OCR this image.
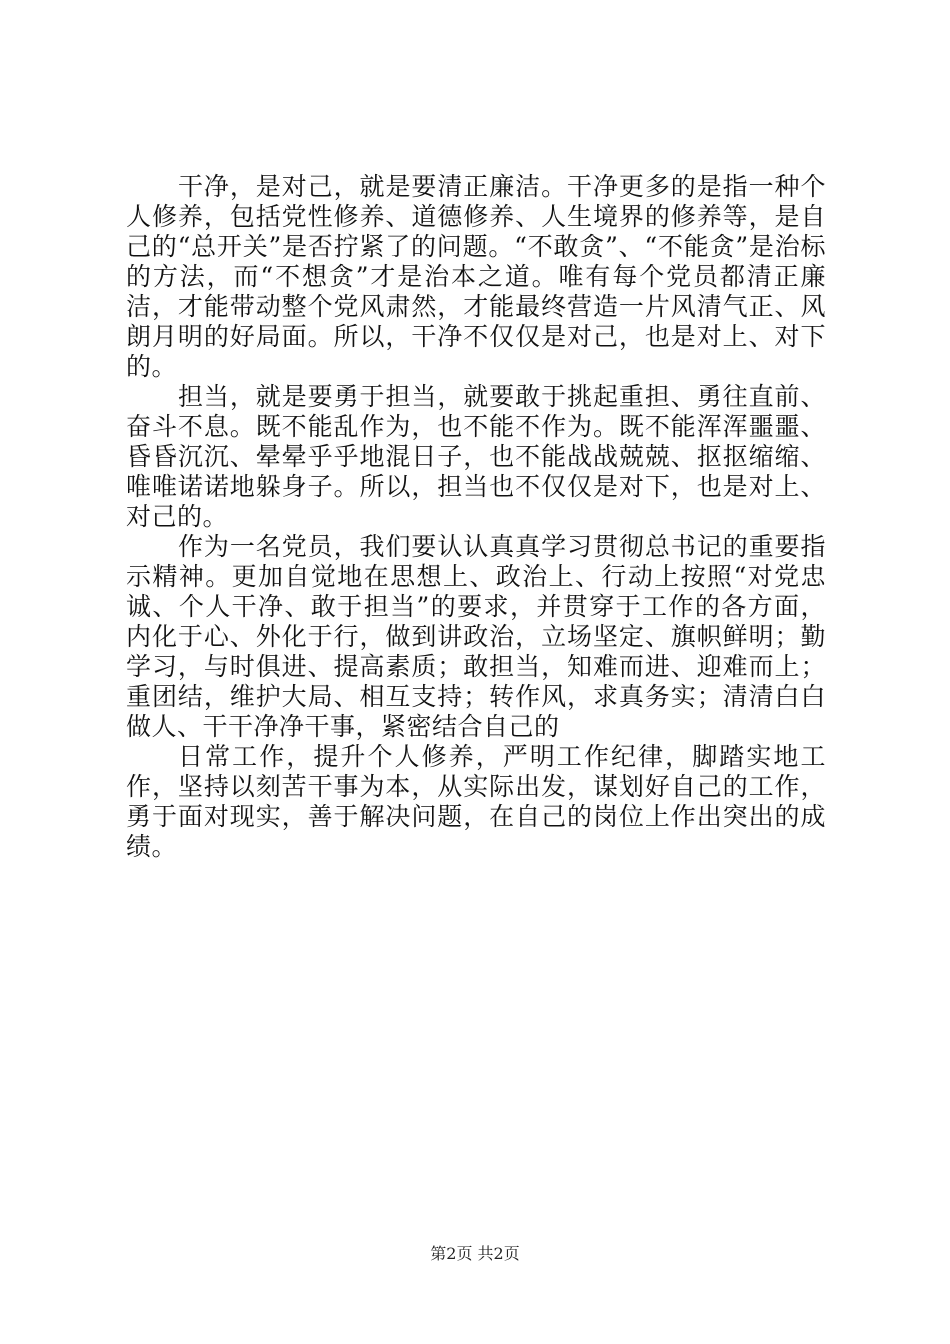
干净，是对己，就是要清正廉洁。干净更多的是指一种个人修养，包括党性修养、道德修养、人生境界的修养等，是自己的“总开关”是否拧紧了的问题。“不敢贪”、“不能贪”是治标的方法，而“不想贪”才是治本之道。唯有每个党员都清正廉洁，才能带动整个党风肃然，才能最终营造一片风清气正、风朗月明的好局面。所以，干净不仅仅是对己，也是对上、对下的。

担当，就是要勇于担当，就要敢于挑起重担、勇往直前、奋斗不息。既不能乱作为，也不能不作为。既不能浑浑噩噩、昏昏沉沉、晕晕乎乎地混日子，也不能战战兢兢、抠抠缩缩、唯唯诺诺地躲身子。所以，担当也不仅仅是对下，也是对上、对己的。

作为一名党员，我们要认认真真学习贯彻总书记的重要指示精神。更加自觉地在思想上、政治上、行动上按照“对党忠诚、个人干净、敢于担当”的要求，并贯穿于工作的各方面，内化于心、外化于行，做到讲政治，立场坚定、旗帜鲜明；勤学习，与时俱进、提高素质；敢担当，知难而进、迎难而上；重团结，维护大局、相互支持；转作风，求真务实；清清白白做人、干干净净干事，紧密结合自己的

日常工作，提升个人修养，严明工作纪律，脚踏实地工作，坚持以刻苦干事为本，从实际出发，谋划好自己的工作，勇于面对现实，善于解决问题，在自己的岗位上作出突出的成绩。

第2页 共2页
